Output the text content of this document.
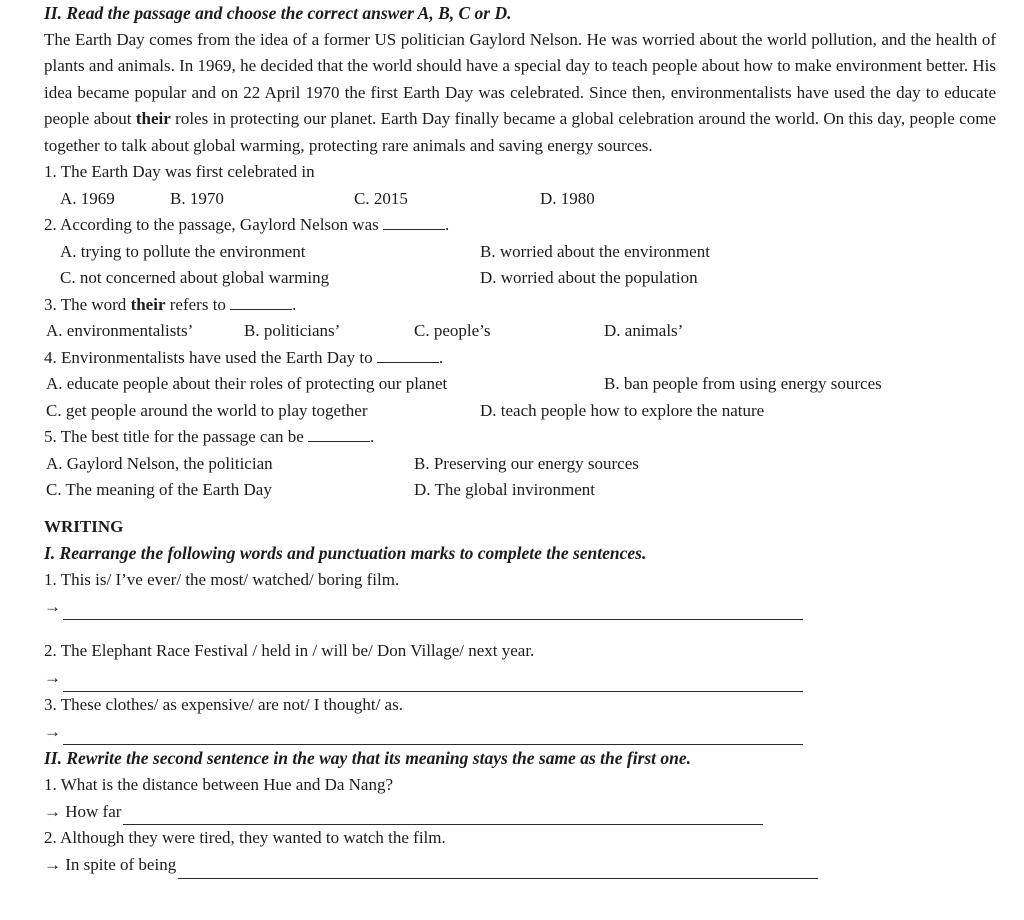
II. Read the passage and choose the correct answer A, B, C or D.
The Earth Day comes from the idea of a former US politician Gaylord Nelson. He was worried about the world pollution, and the health of plants and animals. In 1969, he decided that the world should have a special day to teach people about how to make environment better. His idea became popular and on 22 April 1970 the first Earth Day was celebrated. Since then, environmentalists have used the day to educate people about their roles in protecting our planet. Earth Day finally became a global celebration around the world. On this day, people come together to talk about global warming, protecting rare animals and saving energy sources.
1. The Earth Day was first celebrated in
A. 1969	B. 1970	C. 2015	D. 1980
2. According to the passage, Gaylord Nelson was	.
A. trying to pollute the environment	B. worried about the environment
C. not concerned about global warming	D. worried about the population
3. The word their refers to	.
A. environmentalists’	B. politicians’	C. people’s	D. animals’
4. Environmentalists have used the Earth Day to	.
A. educate people about their roles of protecting our planet	B. ban people from using energy sources
C. get people around the world to play together	D. teach people how to explore the nature
5. The best title for the passage can be	.
A. Gaylord Nelson, the politician	B. Preserving our energy sources
C. The meaning of the Earth Day	D. The global invironment
WRITING
I. Rearrange the following words and punctuation marks to complete the sentences.
1. This is/ I’ve ever/ the most/ watched/ boring film.
→
2. The Elephant Race Festival / held in / will be/ Don Village/ next year.
→
3. These clothes/ as expensive/ are not/ I thought/ as.
→
II. Rewrite the second sentence in the way that its meaning stays the same as the first one.
1. What is the distance between Hue and Da Nang?
→ How far
2. Although they were tired, they wanted to watch the film.
→ In spite of being
